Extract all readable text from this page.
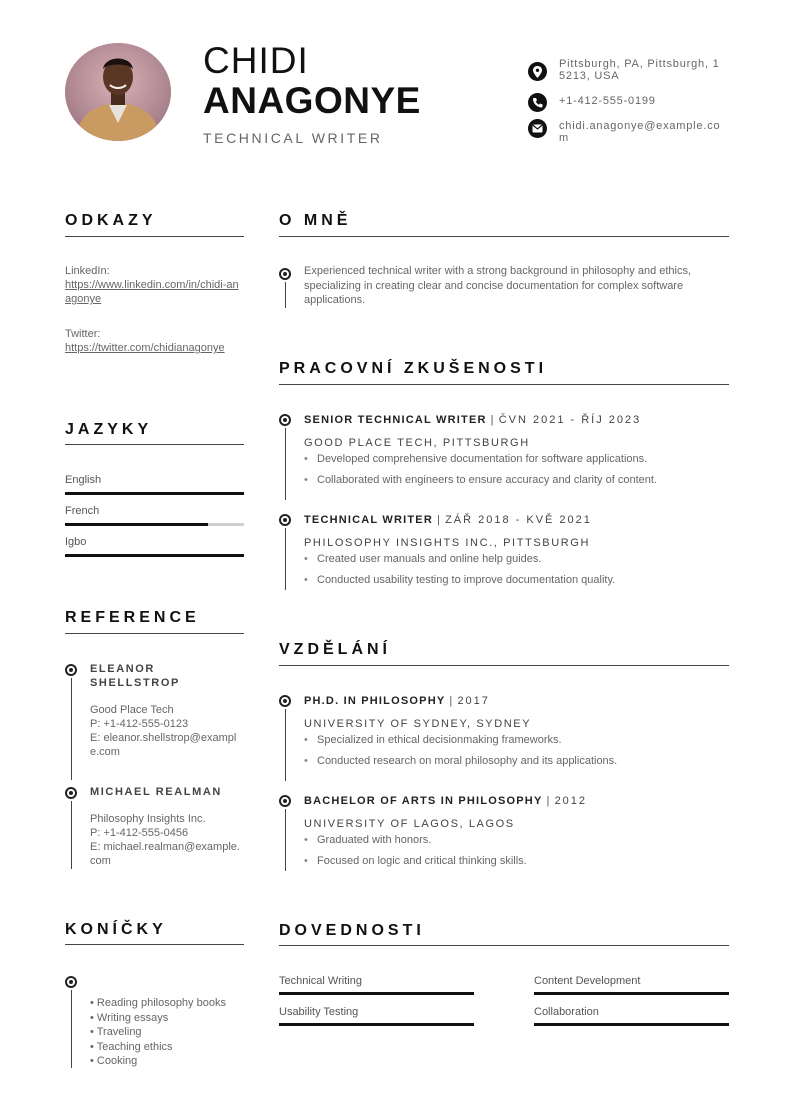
CHIDI
ANAGONYE
TECHNICAL WRITER
Pittsburgh, PA, Pittsburgh, 15213, USA
+1-412-555-0199
chidi.anagonye@example.com
ODKAZY
LinkedIn:
https://www.linkedin.com/in/chidi-anagonye
Twitter:
https://twitter.com/chidianagonye
JAZYKY
English
French
Igbo
REFERENCE
ELEANOR SHELLSTROP
Good Place Tech
P: +1-412-555-0123
E: eleanor.shellstrop@example.com
MICHAEL REALMAN
Philosophy Insights Inc.
P: +1-412-555-0456
E: michael.realman@example.com
KONÍČKY
• Reading philosophy books
• Writing essays
• Traveling
• Teaching ethics
• Cooking
O MNĚ
Experienced technical writer with a strong background in philosophy and ethics, specializing in creating clear and concise documentation for complex software applications.
PRACOVNÍ ZKUŠENOSTI
SENIOR TECHNICAL WRITER | ČVN 2021 - ŘÍJ 2023
GOOD PLACE TECH, PITTSBURGH
• Developed comprehensive documentation for software applications.
• Collaborated with engineers to ensure accuracy and clarity of content.
TECHNICAL WRITER | ZÁŘ 2018 - KVĚ 2021
PHILOSOPHY INSIGHTS INC., PITTSBURGH
• Created user manuals and online help guides.
• Conducted usability testing to improve documentation quality.
VZDĚLÁNÍ
PH.D. IN PHILOSOPHY | 2017
UNIVERSITY OF SYDNEY, SYDNEY
• Specialized in ethical decisionmaking frameworks.
• Conducted research on moral philosophy and its applications.
BACHELOR OF ARTS IN PHILOSOPHY | 2012
UNIVERSITY OF LAGOS, LAGOS
• Graduated with honors.
• Focused on logic and critical thinking skills.
DOVEDNOSTI
Technical Writing	Content Development
Usability Testing	Collaboration
